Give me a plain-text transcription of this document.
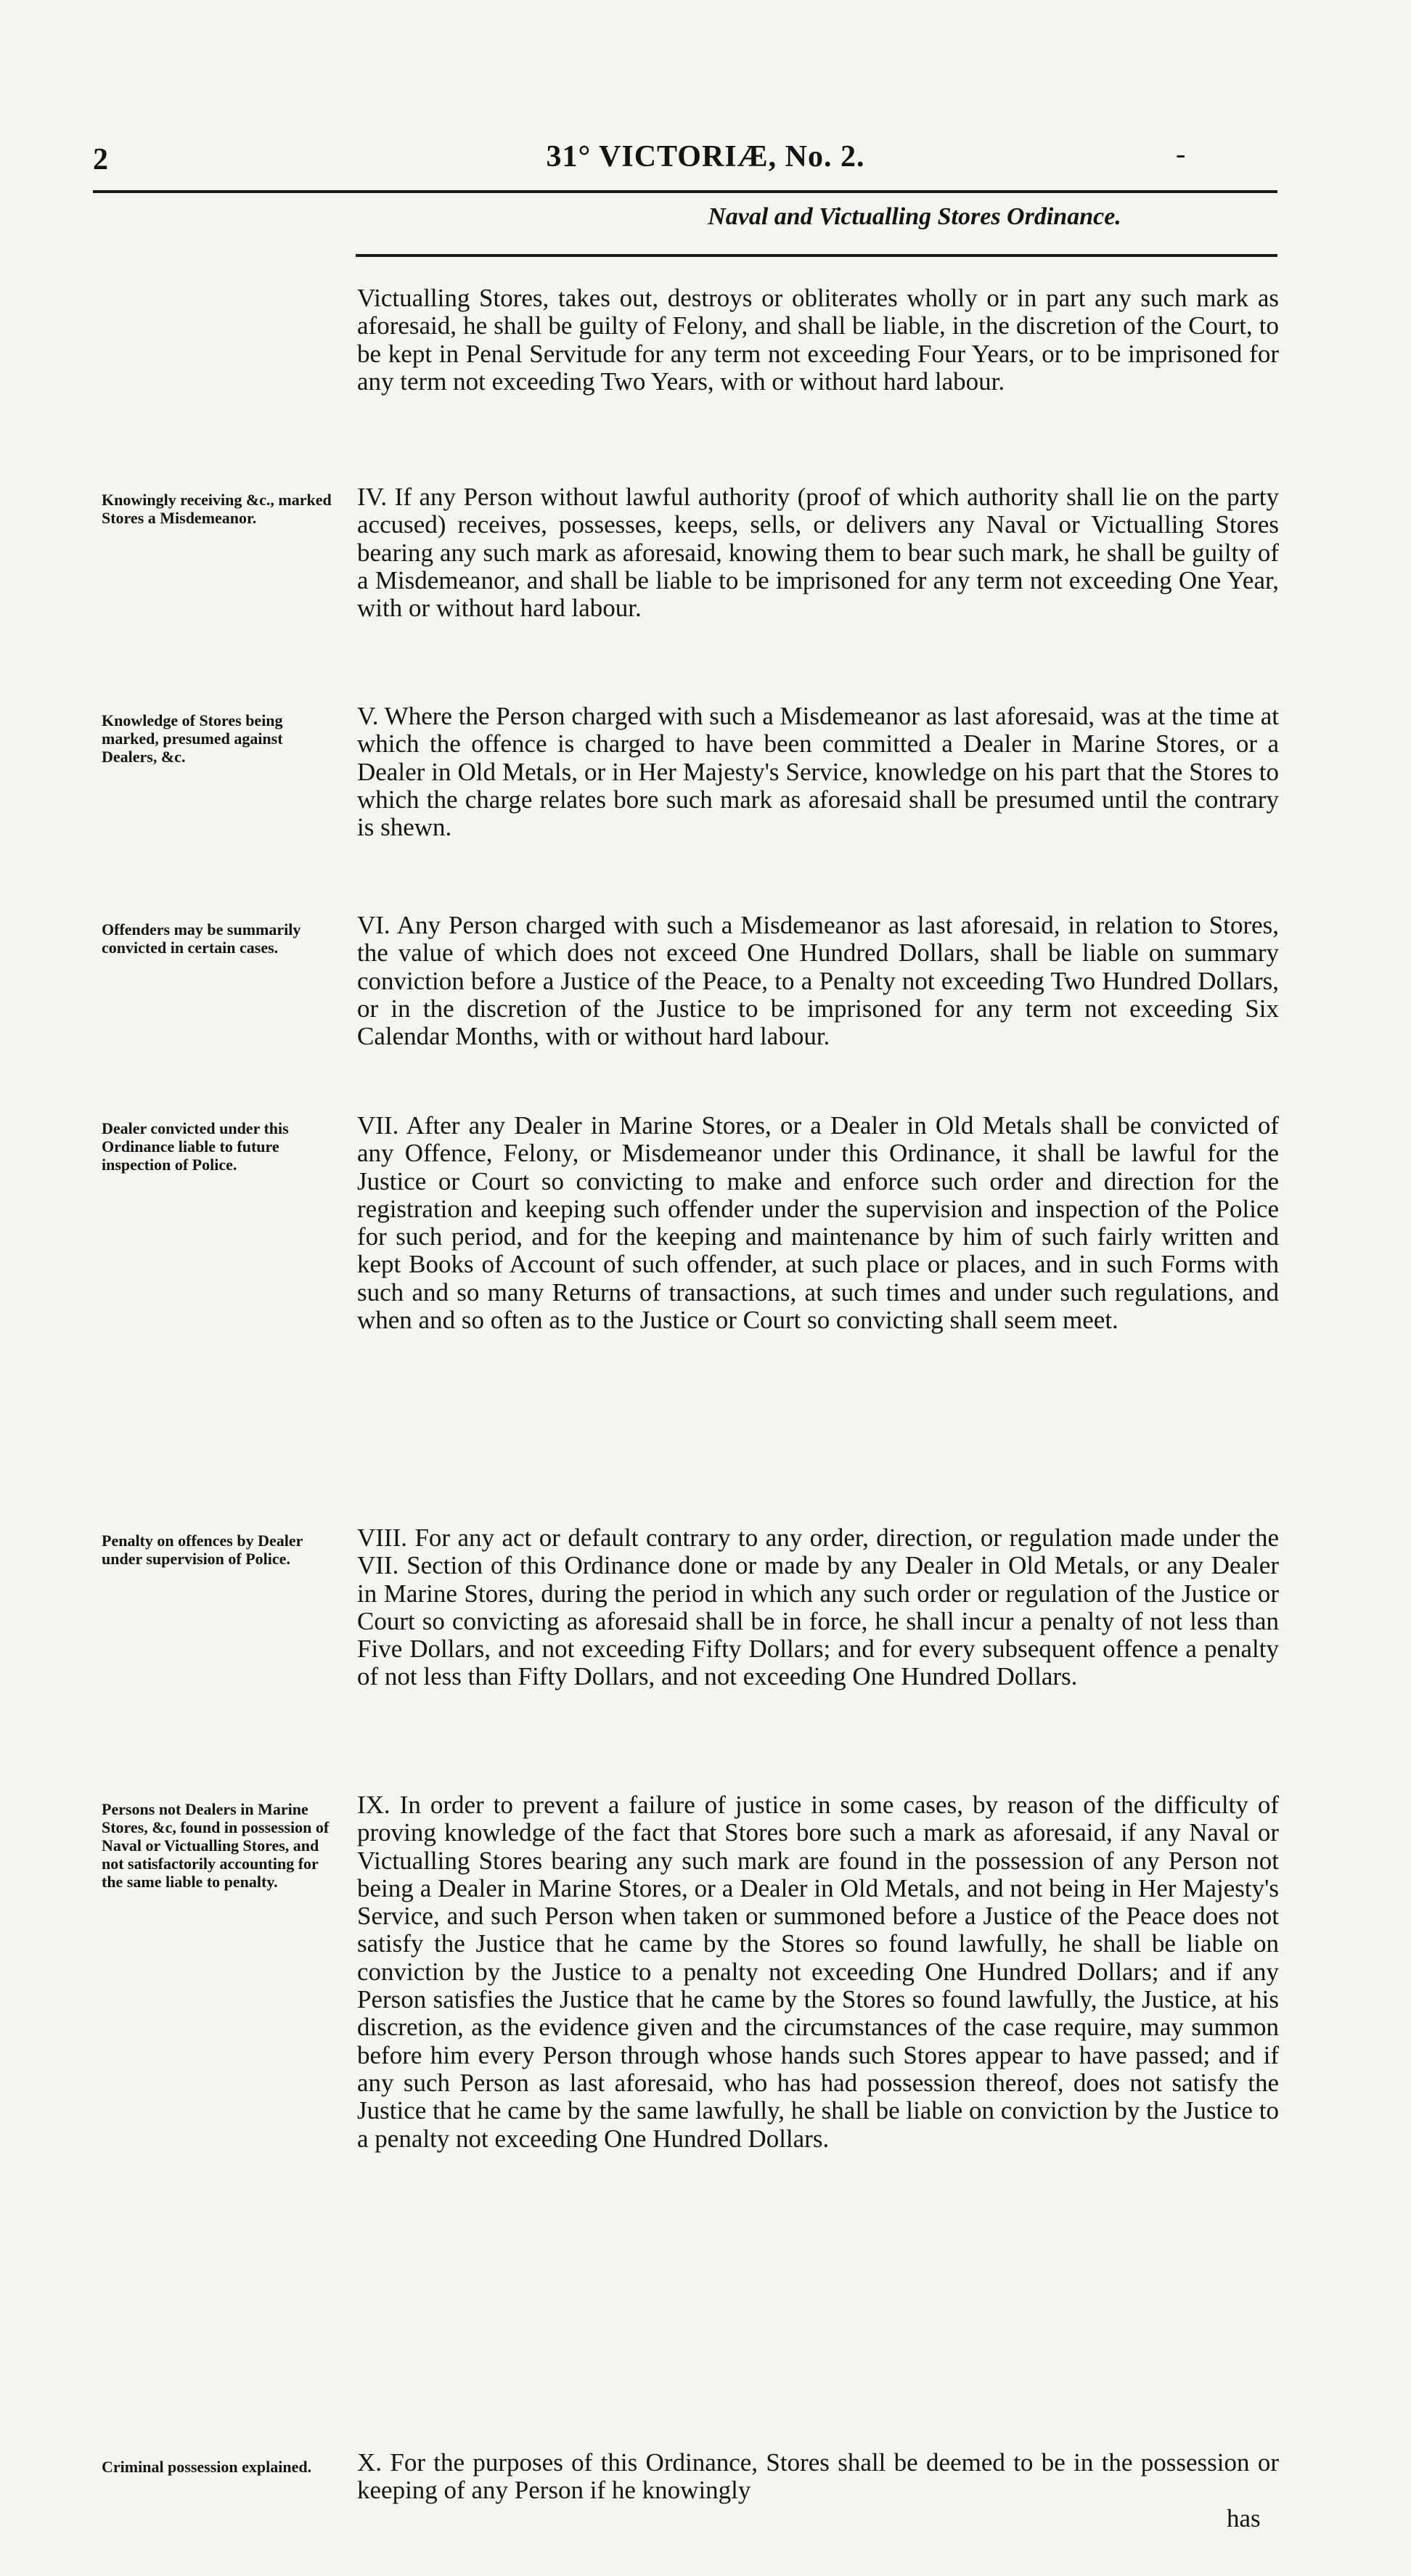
2	31° VICTORIÆ, No. 2.	-
Naval and Victualling Stores Ordinance.

Victualling Stores, takes out, destroys or obliterates wholly or in part any such mark as aforesaid, he shall be guilty of Felony, and shall be liable, in the discretion of the Court, to be kept in Penal Servitude for any term not exceeding Four Years, or to be imprisoned for any term not exceeding Two Years, with or without hard labour.

Knowingly receiving &c., marked Stores a Misdemeanor.

IV. If any Person without lawful authority (proof of which authority shall lie on the party accused) receives, possesses, keeps, sells, or delivers any Naval or Victualling Stores bearing any such mark as aforesaid, knowing them to bear such mark, he shall be guilty of a Misdemeanor, and shall be liable to be imprisoned for any term not exceeding One Year, with or without hard labour.

Knowledge of Stores being marked, presumed against Dealers, &c.

V. Where the Person charged with such a Misdemeanor as last aforesaid, was at the time at which the offence is charged to have been committed a Dealer in Marine Stores, or a Dealer in Old Metals, or in Her Majesty's Service, knowledge on his part that the Stores to which the charge relates bore such mark as aforesaid shall be presumed until the contrary is shewn.

Offenders may be summarily convicted in certain cases.

VI. Any Person charged with such a Misdemeanor as last aforesaid, in relation to Stores, the value of which does not exceed One Hundred Dollars, shall be liable on summary conviction before a Justice of the Peace, to a Penalty not exceeding Two Hundred Dollars, or in the discretion of the Justice to be imprisoned for any term not exceeding Six Calendar Months, with or without hard labour.

Dealer convicted under this Ordinance liable to future inspection of Police.

VII. After any Dealer in Marine Stores, or a Dealer in Old Metals shall be convicted of any Offence, Felony, or Misdemeanor under this Ordinance, it shall be lawful for the Justice or Court so convicting to make and enforce such order and direction for the registration and keeping such offender under the supervision and inspection of the Police for such period, and for the keeping and maintenance by him of such fairly written and kept Books of Account of such offender, at such place or places, and in such Forms with such and so many Returns of transactions, at such times and under such regulations, and when and so often as to the Justice or Court so convicting shall seem meet.

Penalty on offences by Dealer under supervision of Police.

VIII. For any act or default contrary to any order, direction, or regulation made under the VII. Section of this Ordinance done or made by any Dealer in Old Metals, or any Dealer in Marine Stores, during the period in which any such order or regulation of the Justice or Court so convicting as aforesaid shall be in force, he shall incur a penalty of not less than Five Dollars, and not exceeding Fifty Dollars; and for every subsequent offence a penalty of not less than Fifty Dollars, and not exceeding One Hundred Dollars.

Persons not Dealers in Marine Stores, &c, found in possession of Naval or Victualling Stores, and not satisfactorily accounting for the same liable to penalty.

IX. In order to prevent a failure of justice in some cases, by reason of the difficulty of proving knowledge of the fact that Stores bore such a mark as aforesaid, if any Naval or Victualling Stores bearing any such mark are found in the possession of any Person not being a Dealer in Marine Stores, or a Dealer in Old Metals, and not being in Her Majesty's Service, and such Person when taken or summoned before a Justice of the Peace does not satisfy the Justice that he came by the Stores so found lawfully, he shall be liable on conviction by the Justice to a penalty not exceeding One Hundred Dollars; and if any Person satisfies the Justice that he came by the Stores so found lawfully, the Justice, at his discretion, as the evidence given and the circumstances of the case require, may summon before him every Person through whose hands such Stores appear to have passed; and if any such Person as last aforesaid, who has had possession thereof, does not satisfy the Justice that he came by the same lawfully, he shall be liable on conviction by the Justice to a penalty not exceeding One Hundred Dollars.

Criminal possession explained.	X. For the purposes of this Ordinance, Stores shall be deemed to be in the possession or keeping of any Person if he knowingly

has
